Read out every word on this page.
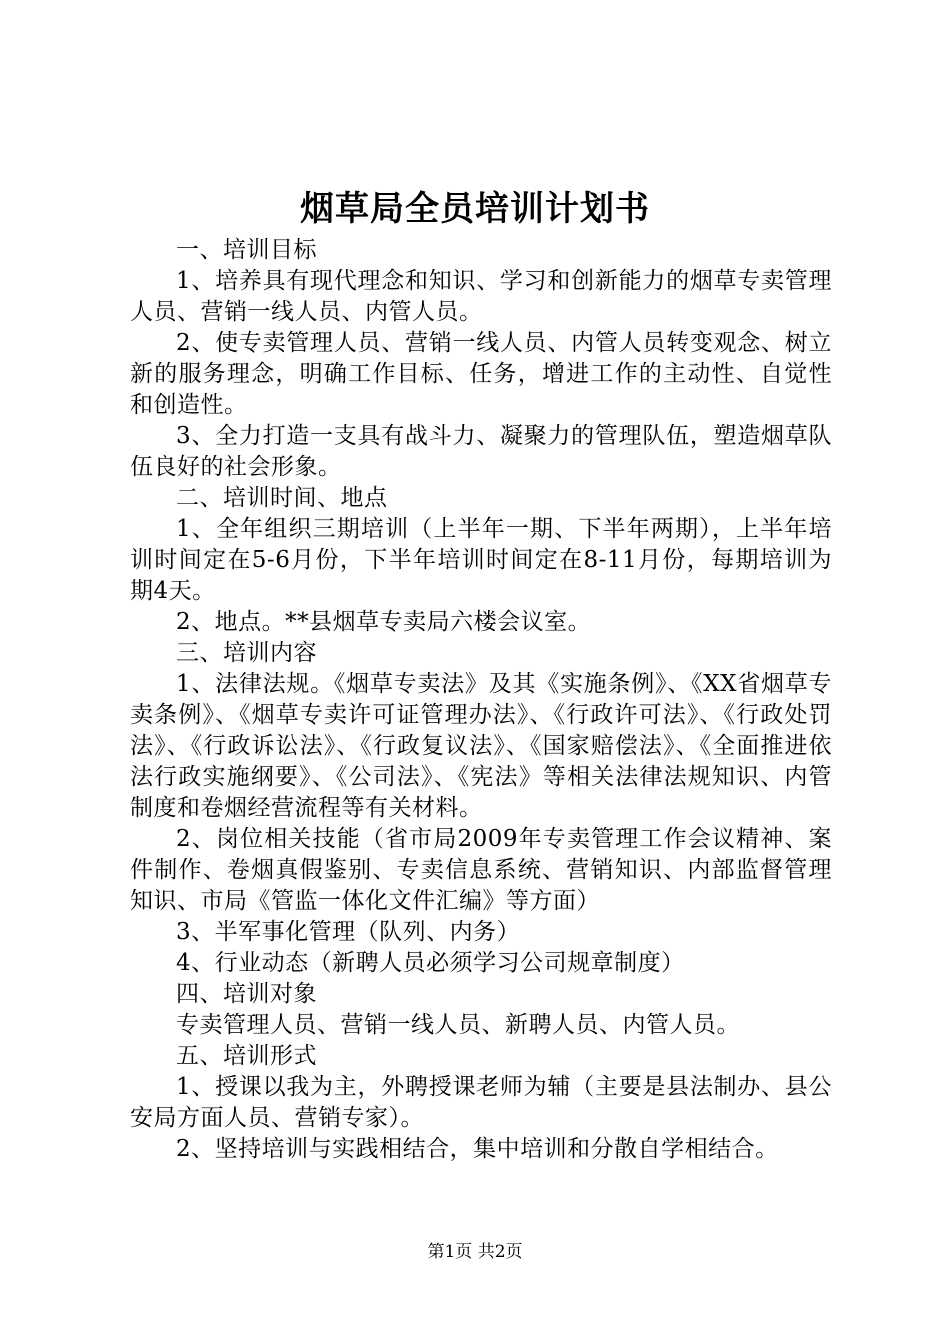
烟草局全员培训计划书

一、培训目标

1、培养具有现代理念和知识、学习和创新能力的烟草专卖管理人员、营销一线人员、内管人员。

2、使专卖管理人员、营销一线人员、内管人员转变观念、树立新的服务理念，明确工作目标、任务，增进工作的主动性、自觉性和创造性。

3、全力打造一支具有战斗力、凝聚力的管理队伍，塑造烟草队伍良好的社会形象。

二、培训时间、地点

1、全年组织三期培训（上半年一期、下半年两期），上半年培训时间定在5-6月份，下半年培训时间定在8-11月份，每期培训为期4天。

2、地点。**县烟草专卖局六楼会议室。

三、培训内容

1、法律法规。《烟草专卖法》及其《实施条例》、《XX省烟草专卖条例》、《烟草专卖许可证管理办法》、《行政许可法》、《行政处罚法》、《行政诉讼法》、《行政复议法》、《国家赔偿法》、《全面推进依法行政实施纲要》、《公司法》、《宪法》等相关法律法规知识、内管制度和卷烟经营流程等有关材料。

2、岗位相关技能（省市局2009年专卖管理工作会议精神、案件制作、卷烟真假鉴别、专卖信息系统、营销知识、内部监督管理知识、市局《管监一体化文件汇编》等方面）

3、半军事化管理（队列、内务）

4、行业动态（新聘人员必须学习公司规章制度）

四、培训对象

专卖管理人员、营销一线人员、新聘人员、内管人员。

五、培训形式

1、授课以我为主，外聘授课老师为辅（主要是县法制办、县公安局方面人员、营销专家）。

2、坚持培训与实践相结合，集中培训和分散自学相结合。

第1页 共2页
